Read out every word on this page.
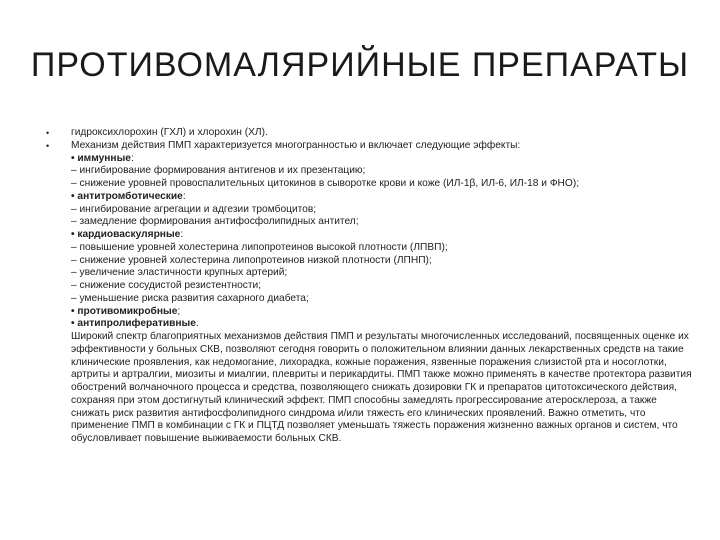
ПРОТИВОМАЛЯРИЙНЫЕ ПРЕПАРАТЫ
• гидроксихлорохин (ГХЛ) и хлорохин (ХЛ).
• Механизм действия ПМП характеризуется многогранностью и включает следующие эффекты:
• иммунные:
– ингибирование формирования антигенов и их презентацию;
– снижение уровней провоспалительных цитокинов в сыворотке крови и коже (ИЛ-1β, ИЛ-6, ИЛ-18 и ФНО);
• антитромботические:
– ингибирование агрегации и адгезии тромбоцитов;
– замедление формирования антифосфолипидных антител;
• кардиоваскулярные:
– повышение уровней холестерина липопротеинов высокой плотности (ЛПВП);
– снижение уровней холестерина липопротеинов низкой плотности (ЛПНП);
– увеличение эластичности крупных артерий;
– снижение сосудистой резистентности;
– уменьшение риска развития сахарного диабета;
• противомикробные;
• антипролиферативные.
Широкий спектр благоприятных механизмов действия ПМП и результаты многочисленных исследований, посвященных оценке их эффективности у больных СКВ, позволяют сегодня говорить о положительном влиянии данных лекарственных средств на такие клинические проявления, как недомогание, лихорадка, кожные поражения, язвенные поражения слизистой рта и носоглотки, артриты и артралгии, миозиты и миалгии, плевриты и перикардиты. ПМП также можно применять в качестве протектора развития обострений волчаночного процесса и средства, позволяющего снижать дозировки ГК и препаратов цитотоксического действия, сохраняя при этом достигнутый клинический эффект. ПМП способны замедлять прогрессирование атеросклероза, а также снижать риск развития антифосфолипидного синдрома и/или тяжесть его клинических проявлений. Важно отметить, что применение ПМП в комбинации с ГК и ПЦТД позволяет уменьшать тяжесть поражения жизненно важных органов и систем, что обусловливает повышение выживаемости больных СКВ.
